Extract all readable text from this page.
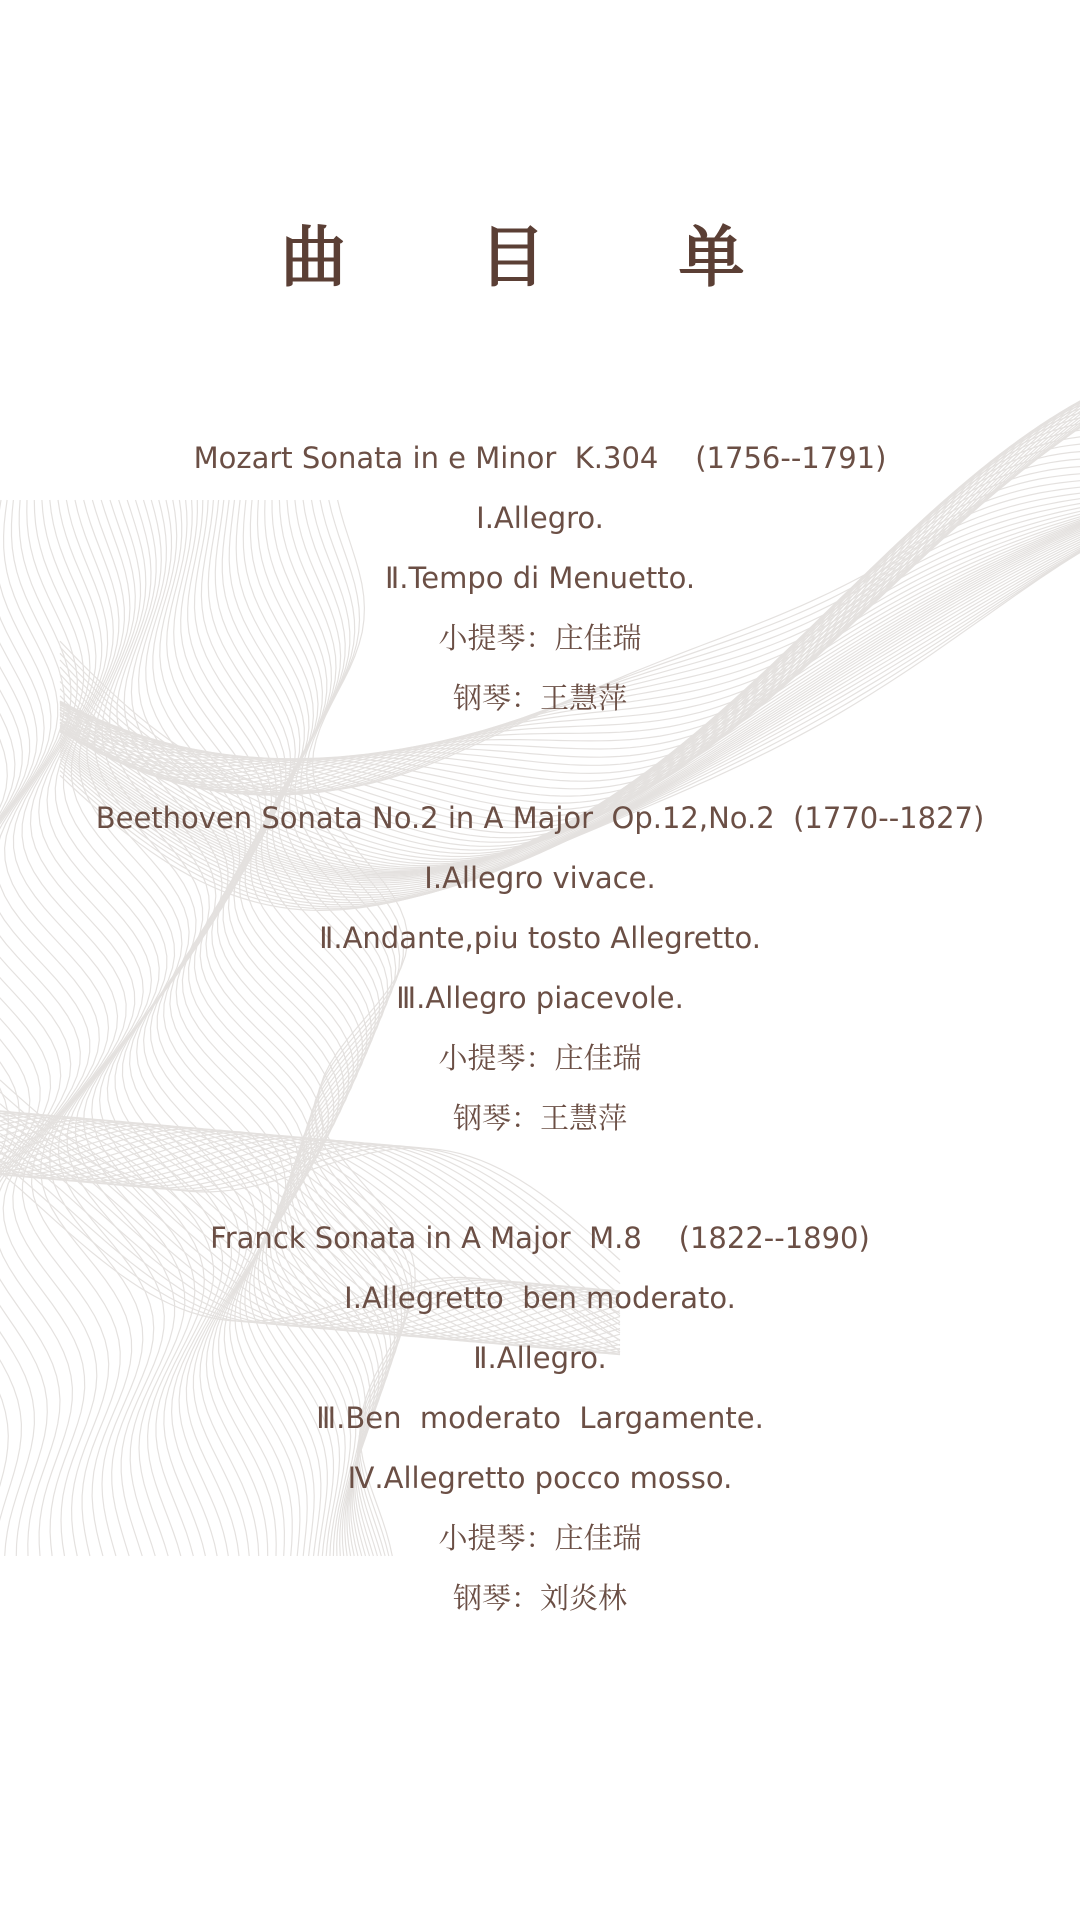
曲 目 单
Mozart Sonata in e Minor  K.304    (1756--1791)
Ⅰ.Allegro.
Ⅱ.Tempo di Menuetto.
小提琴：庄佳瑞
钢琴：王慧萍
Beethoven Sonata No.2 in A Major  Op.12,No.2  (1770--1827)
Ⅰ.Allegro vivace.
Ⅱ.Andante,piu tosto Allegretto.
Ⅲ.Allegro piacevole.
小提琴：庄佳瑞
钢琴：王慧萍
Franck Sonata in A Major  M.8    (1822--1890)
Ⅰ.Allegretto  ben moderato.
Ⅱ.Allegro.
Ⅲ.Ben  moderato  Largamente.
Ⅳ.Allegretto pocco mosso.
小提琴：庄佳瑞
钢琴：刘炎林
